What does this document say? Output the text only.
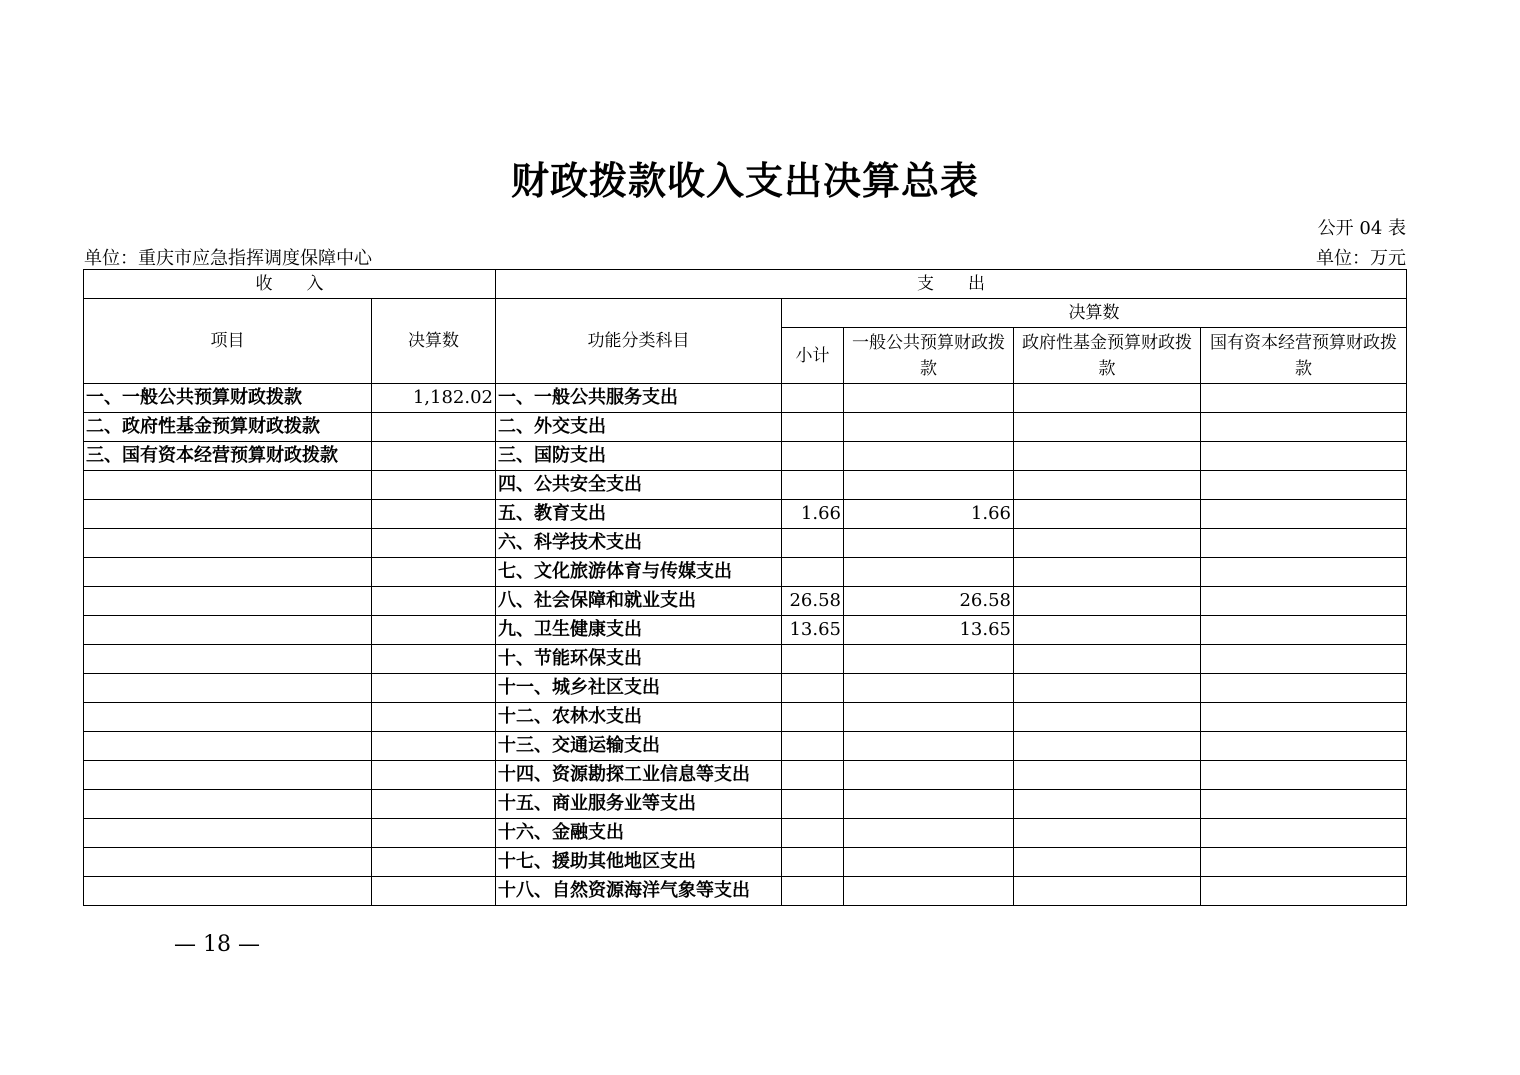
财政拨款收入支出决算总表
公开 04 表
单位：重庆市应急指挥调度保障中心	单位：万元
收　　入		支　　出				
项目	决算数	功能分类科目	决算数			
			小计	一般公共预算财政拨款	政府性基金预算财政拨款	国有资本经营预算财政拨款
一、一般公共预算财政拨款	1,182.02	一、一般公共服务支出				
二、政府性基金预算财政拨款		二、外交支出				
三、国有资本经营预算财政拨款		三、国防支出				
		四、公共安全支出				
		五、教育支出	1.66	1.66		
		六、科学技术支出				
		七、文化旅游体育与传媒支出				
		八、社会保障和就业支出	26.58	26.58		
		九、卫生健康支出	13.65	13.65		
		十、节能环保支出				
		十一、城乡社区支出				
		十二、农林水支出				
		十三、交通运输支出				
		十四、资源勘探工业信息等支出				
		十五、商业服务业等支出				
		十六、金融支出				
		十七、援助其他地区支出				
		十八、自然资源海洋气象等支出				
— 18 —
